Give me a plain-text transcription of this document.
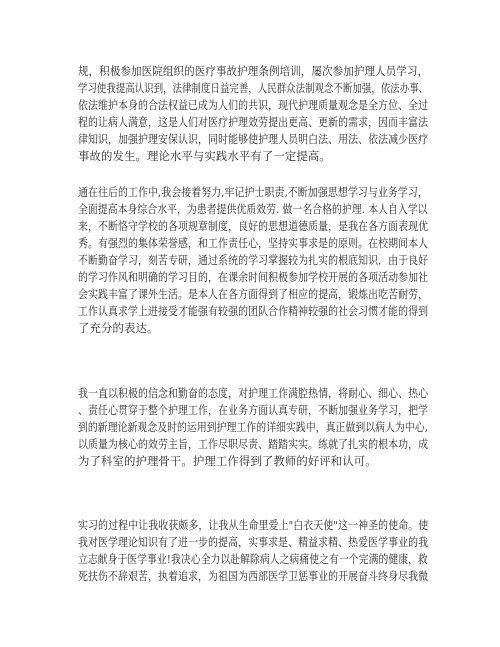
规，积极参加医院组织的医疗事故护理条例培训，屡次参加护理人员学习，
学习使我提高认识到，法律制度日益完善，人民群众法制观念不断加强，依法办事、
依法维护本身的合法权益已成为人们的共识，现代护理质量观念是全方位、全过
程的让病人满意，这是人们对医疗护理效劳提出更高、更新的需求，因而丰富法
律知识，加强护理安保认识，同时能够使护理人员明白法、用法、依法减少医疗
事故的发生。理论水平与实践水平有了一定提高。
通在往后的工作中,我会接着努力,牢记护士职责,不断加强思想学习与业务学习，
全面提高本身综合水平，为患者提供优质效劳. 做一名合格的护理. 本人自入学以
来，不断恪守学校的各项规章制度，良好的思想道德质量，是我在各方面表现优
秀。有强烈的集体荣誉感，和工作责任心，坚持实事求是的原则。在校期间本人
不断勤奋学习，刻苦专研，通过系统的学习掌握较为扎实的根底知识．由于良好
的学习作风和明确的学习目的，在课余时间积极参加学校开展的各项活动参加社
会实践丰富了课外生活。是本人在各方面得到了相应的提高，锻炼出吃苦耐劳，
工作认真求学上进接受才能强有较强的团队合作精神较强的社会习惯才能的得到
了充分的表达。
我一直以积极的信念和勤奋的态度，对护理工作满腔热情，将耐心、细心、热心
、责任心贯穿于整个护理工作，在业务方面认真专研，不断加强业务学习，把学
到的新理论新观念及时的运用到护理工作的详细实践中，真正做到以病人为中心,
以质量为核心的效劳主旨，工作尽职尽责、踏踏实实。练就了扎实的根本功，成
为了科室的护理骨干。护理工作得到了教师的好评和认可。
实习的过程中让我收获颇多，让我从生命里爱上"白衣天使"这一神圣的使命。使
我对医学理论知识有了进一步的提高，实事求是、精益求精、热爱医学事业的我
立志献身于医学事业!我决心全力以赴解除病人之病痛使之有一个完满的健康，救
死扶伤不辞艰苦，执着追求，为祖国为西部医学卫惩事业的开展奋斗终身尽我微
